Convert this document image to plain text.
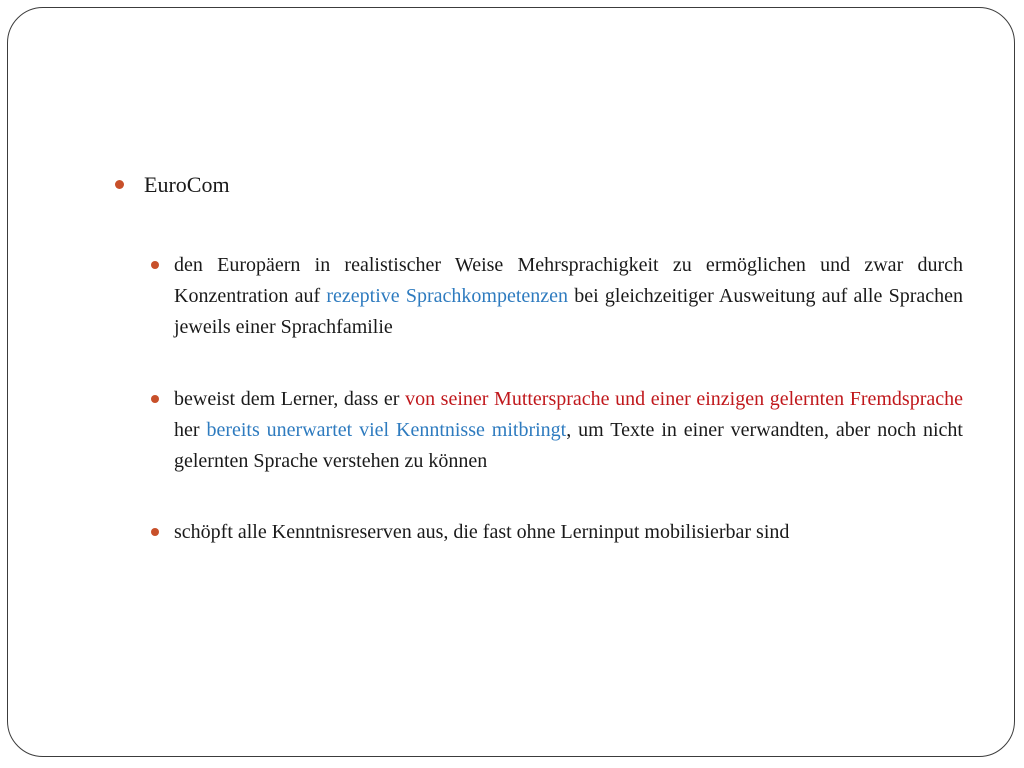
EuroCom
den Europäern in realistischer Weise Mehrsprachigkeit zu ermöglichen und zwar durch Konzentration auf rezeptive Sprachkompetenzen bei gleichzeitiger Ausweitung auf alle Sprachen jeweils einer Sprachfamilie
beweist dem Lerner, dass er von seiner Muttersprache und einer einzigen gelernten Fremdsprache her bereits unerwartet viel Kenntnisse mitbringt, um Texte in einer verwandten, aber noch nicht gelernten Sprache verstehen zu können
schöpft alle Kenntnisreserven aus, die fast ohne Lerninput mobilisierbar sind
